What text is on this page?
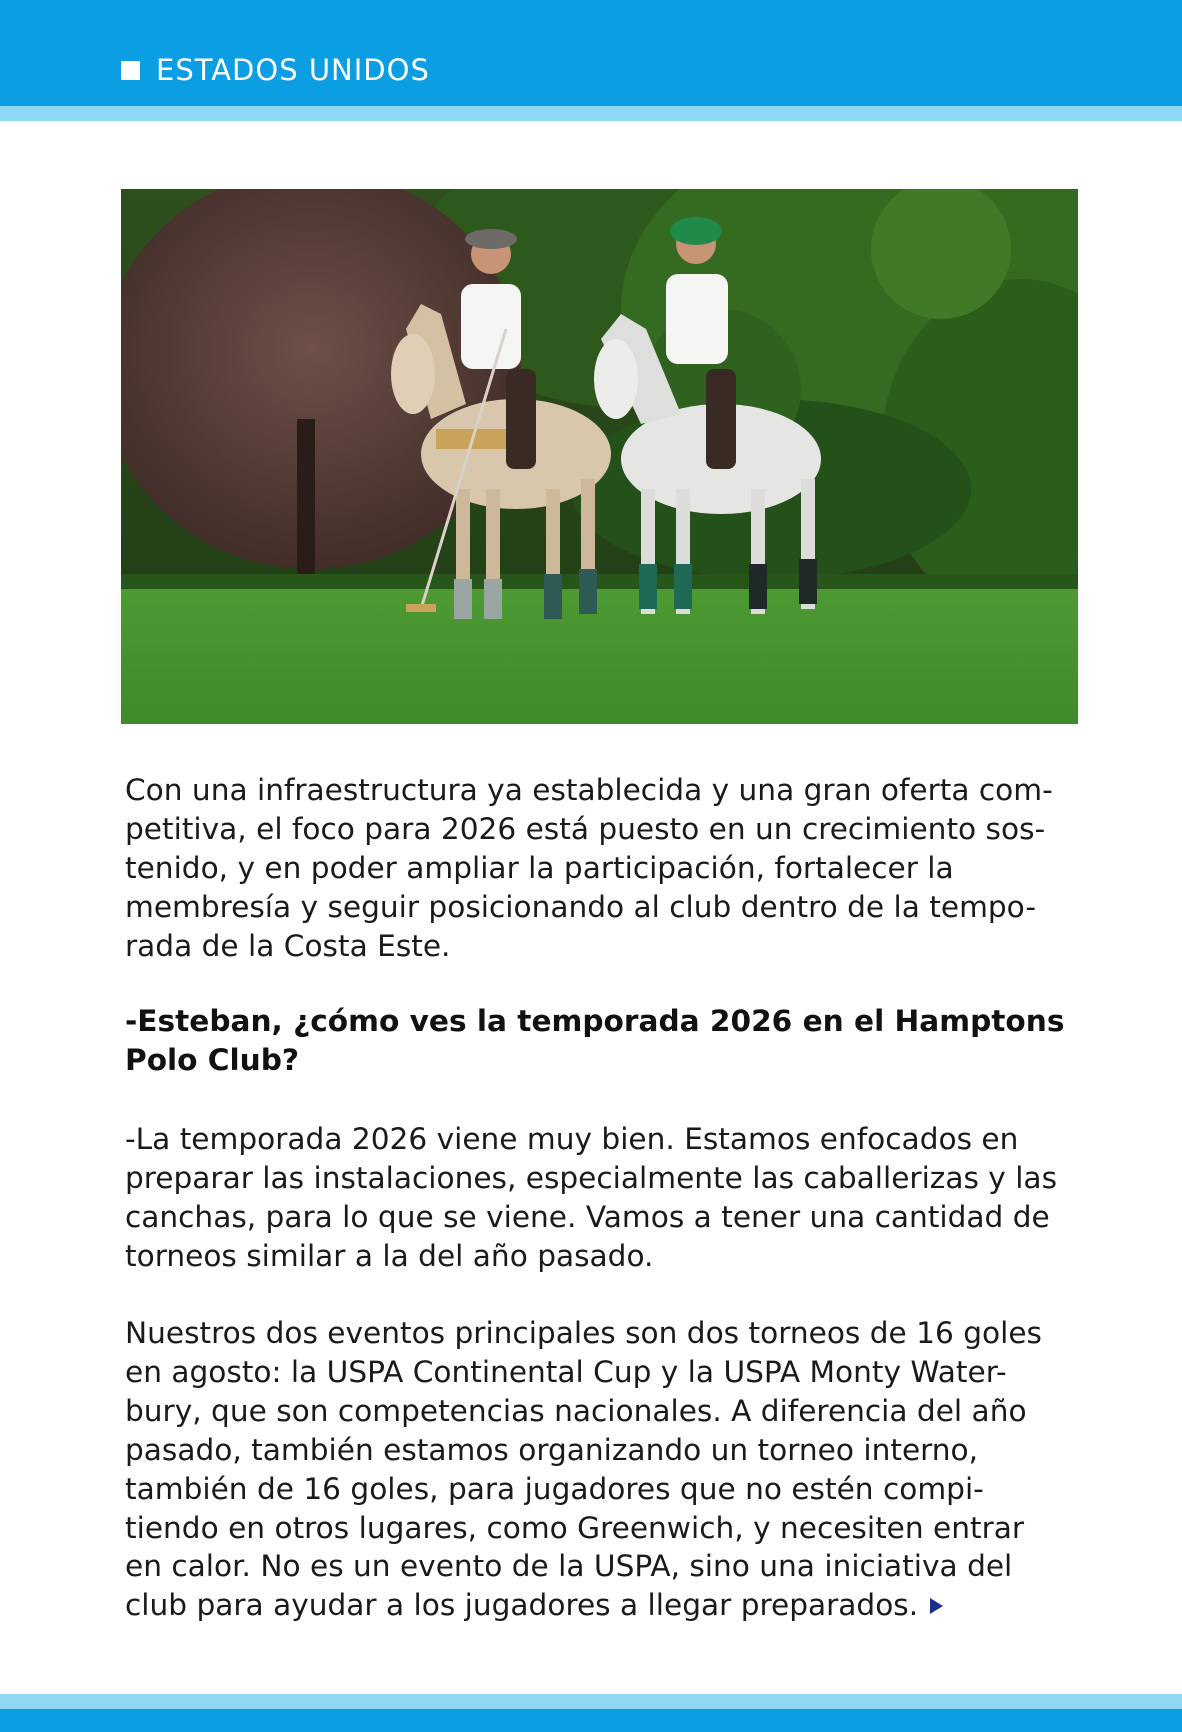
ESTADOS UNIDOS
Con una infraestructura ya establecida y una gran oferta com-
petitiva, el foco para 2026 está puesto en un crecimiento sos-
tenido, y en poder ampliar la participación, fortalecer la
membresía y seguir posicionando al club dentro de la tempo-
rada de la Costa Este.
-Esteban, ¿cómo ves la temporada 2026 en el Hamptons
Polo Club?
-La temporada 2026 viene muy bien. Estamos enfocados en
preparar las instalaciones, especialmente las caballerizas y las
canchas, para lo que se viene. Vamos a tener una cantidad de
torneos similar a la del año pasado.
Nuestros dos eventos principales son dos torneos de 16 goles
en agosto: la USPA Continental Cup y la USPA Monty Water-
bury, que son competencias nacionales. A diferencia del año
pasado, también estamos organizando un torneo interno,
también de 16 goles, para jugadores que no estén compi-
tiendo en otros lugares, como Greenwich, y necesiten entrar
en calor. No es un evento de la USPA, sino una iniciativa del
club para ayudar a los jugadores a llegar preparados.
